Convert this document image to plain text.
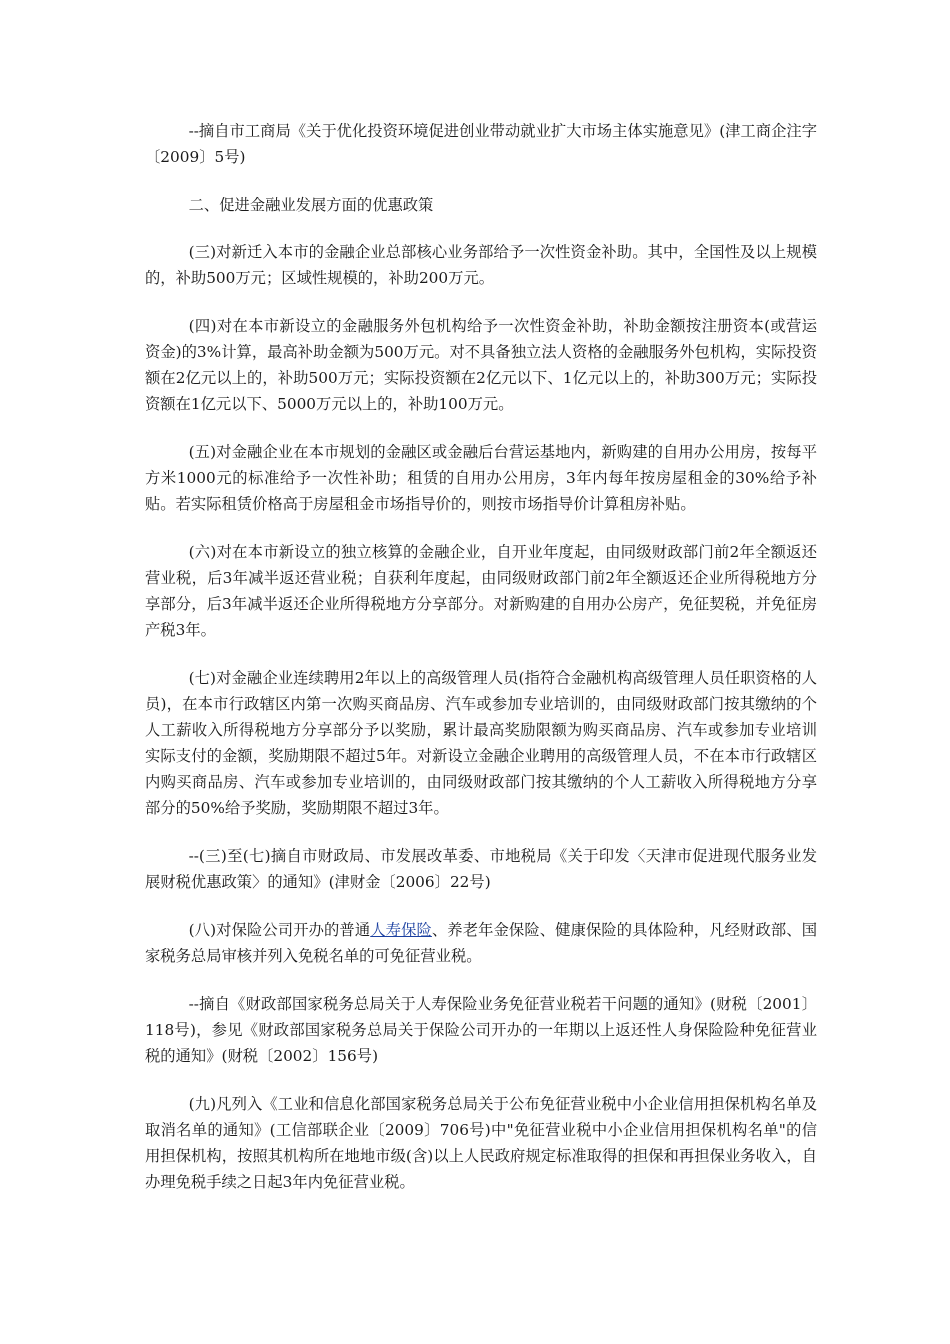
--摘自市工商局《关于优化投资环境促进创业带动就业扩大市场主体实施意见》(津工商企注字〔2009〕5号)

二、促进金融业发展方面的优惠政策

(三)对新迁入本市的金融企业总部核心业务部给予一次性资金补助。其中，全国性及以上规模的，补助500万元；区域性规模的，补助200万元。

(四)对在本市新设立的金融服务外包机构给予一次性资金补助，补助金额按注册资本(或营运资金)的3%计算，最高补助金额为500万元。对不具备独立法人资格的金融服务外包机构，实际投资额在2亿元以上的，补助500万元；实际投资额在2亿元以下、1亿元以上的，补助300万元；实际投资额在1亿元以下、5000万元以上的，补助100万元。

(五)对金融企业在本市规划的金融区或金融后台营运基地内，新购建的自用办公用房，按每平方米1000元的标准给予一次性补助；租赁的自用办公用房，3年内每年按房屋租金的30%给予补贴。若实际租赁价格高于房屋租金市场指导价的，则按市场指导价计算租房补贴。

(六)对在本市新设立的独立核算的金融企业，自开业年度起，由同级财政部门前2年全额返还营业税，后3年减半返还营业税；自获利年度起，由同级财政部门前2年全额返还企业所得税地方分享部分，后3年减半返还企业所得税地方分享部分。对新购建的自用办公房产，免征契税，并免征房产税3年。

(七)对金融企业连续聘用2年以上的高级管理人员(指符合金融机构高级管理人员任职资格的人员)，在本市行政辖区内第一次购买商品房、汽车或参加专业培训的，由同级财政部门按其缴纳的个人工薪收入所得税地方分享部分予以奖励，累计最高奖励限额为购买商品房、汽车或参加专业培训实际支付的金额，奖励期限不超过5年。对新设立金融企业聘用的高级管理人员，不在本市行政辖区内购买商品房、汽车或参加专业培训的，由同级财政部门按其缴纳的个人工薪收入所得税地方分享部分的50%给予奖励，奖励期限不超过3年。

--(三)至(七)摘自市财政局、市发展改革委、市地税局《关于印发〈天津市促进现代服务业发展财税优惠政策〉的通知》(津财金〔2006〕22号)

(八)对保险公司开办的普通人寿保险、养老年金保险、健康保险的具体险种，凡经财政部、国家税务总局审核并列入免税名单的可免征营业税。

--摘自《财政部国家税务总局关于人寿保险业务免征营业税若干问题的通知》(财税〔2001〕118号)，参见《财政部国家税务总局关于保险公司开办的一年期以上返还性人身保险险种免征营业税的通知》(财税〔2002〕156号)

(九)凡列入《工业和信息化部国家税务总局关于公布免征营业税中小企业信用担保机构名单及取消名单的通知》(工信部联企业〔2009〕706号)中"免征营业税中小企业信用担保机构名单"的信用担保机构，按照其机构所在地地市级(含)以上人民政府规定标准取得的担保和再担保业务收入，自办理免税手续之日起3年内免征营业税。
